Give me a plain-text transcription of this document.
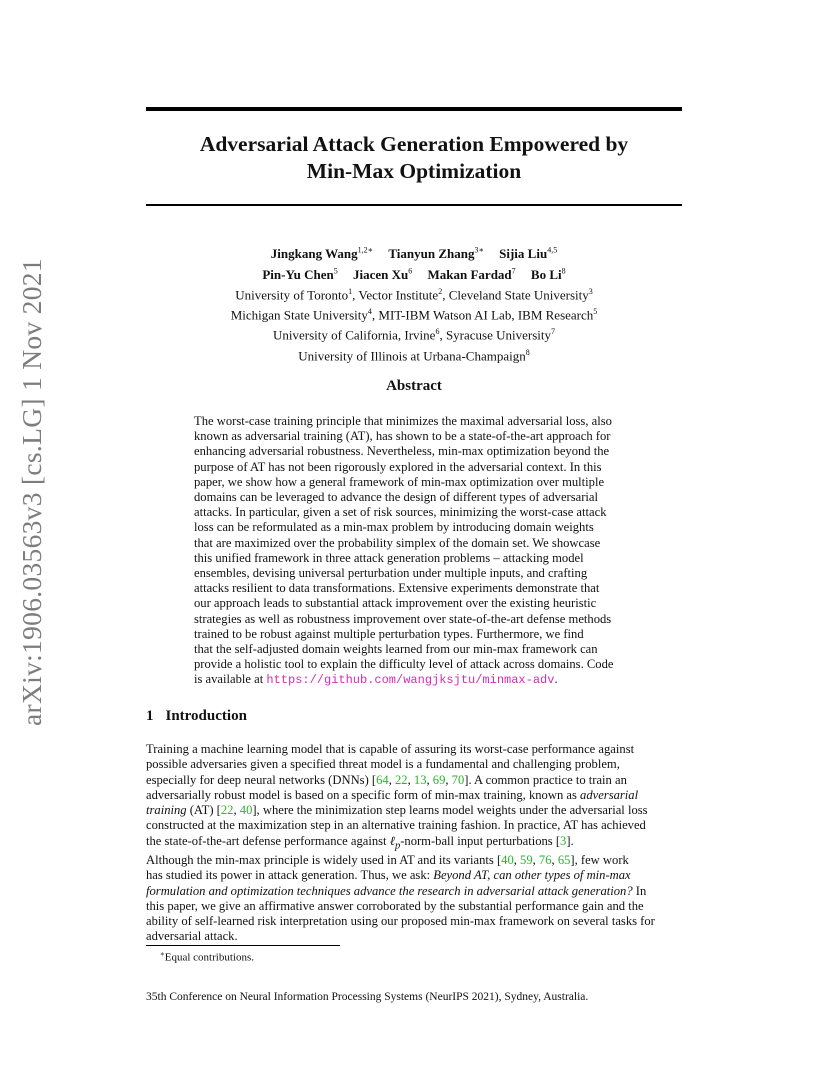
arXiv:1906.03563v3 [cs.LG] 1 Nov 2021
Adversarial Attack Generation Empowered by
Min-Max Optimization
Jingkang Wang$^{1,2∗}$ Tianyun Zhang$^{3∗}$ Sijia Liu$^{4,5}$
Pin-Yu Chen$^5$ Jiacen Xu$^6$ Makan Fardad$^7$ Bo Li$^8$
University of Toronto$^1$, Vector Institute$^2$, Cleveland State University$^3$
Michigan State University$^4$, MIT-IBM Watson AI Lab, IBM Research$^5$
University of California, Irvine$^6$, Syracuse University$^7$
University of Illinois at Urbana-Champaign$^8$
Abstract
The worst-case training principle that minimizes the maximal adversarial loss, also
known as adversarial training (AT), has shown to be a state-of-the-art approach for
enhancing adversarial robustness. Nevertheless, min-max optimization beyond the
purpose of AT has not been rigorously explored in the adversarial context. In this
paper, we show how a general framework of min-max optimization over multiple
domains can be leveraged to advance the design of different types of adversarial
attacks. In particular, given a set of risk sources, minimizing the worst-case attack
loss can be reformulated as a min-max problem by introducing domain weights
that are maximized over the probability simplex of the domain set. We showcase
this unified framework in three attack generation problems – attacking model
ensembles, devising universal perturbation under multiple inputs, and crafting
attacks resilient to data transformations. Extensive experiments demonstrate that
our approach leads to substantial attack improvement over the existing heuristic
strategies as well as robustness improvement over state-of-the-art defense methods
trained to be robust against multiple perturbation types. Furthermore, we find
that the self-adjusted domain weights learned from our min-max framework can
provide a holistic tool to explain the difficulty level of attack across domains. Code
is available at https://github.com/wangjksjtu/minmax-adv.
1 Introduction
Training a machine learning model that is capable of assuring its worst-case performance against
possible adversaries given a specified threat model is a fundamental and challenging problem,
especially for deep neural networks (DNNs) [64, 22, 13, 69, 70]. A common practice to train an
adversarially robust model is based on a specific form of min-max training, known as adversarial
training (AT) [22, 40], where the minimization step learns model weights under the adversarial loss
constructed at the maximization step in an alternative training fashion. In practice, AT has achieved
the state-of-the-art defense performance against ℓ$_p$-norm-ball input perturbations [3].
Although the min-max principle is widely used in AT and its variants [40, 59, 76, 65], few work
has studied its power in attack generation. Thus, we ask: Beyond AT, can other types of min-max
formulation and optimization techniques advance the research in adversarial attack generation? In
this paper, we give an affirmative answer corroborated by the substantial performance gain and the
ability of self-learned risk interpretation using our proposed min-max framework on several tasks for
adversarial attack.
∗Equal contributions.
35th Conference on Neural Information Processing Systems (NeurIPS 2021), Sydney, Australia.
